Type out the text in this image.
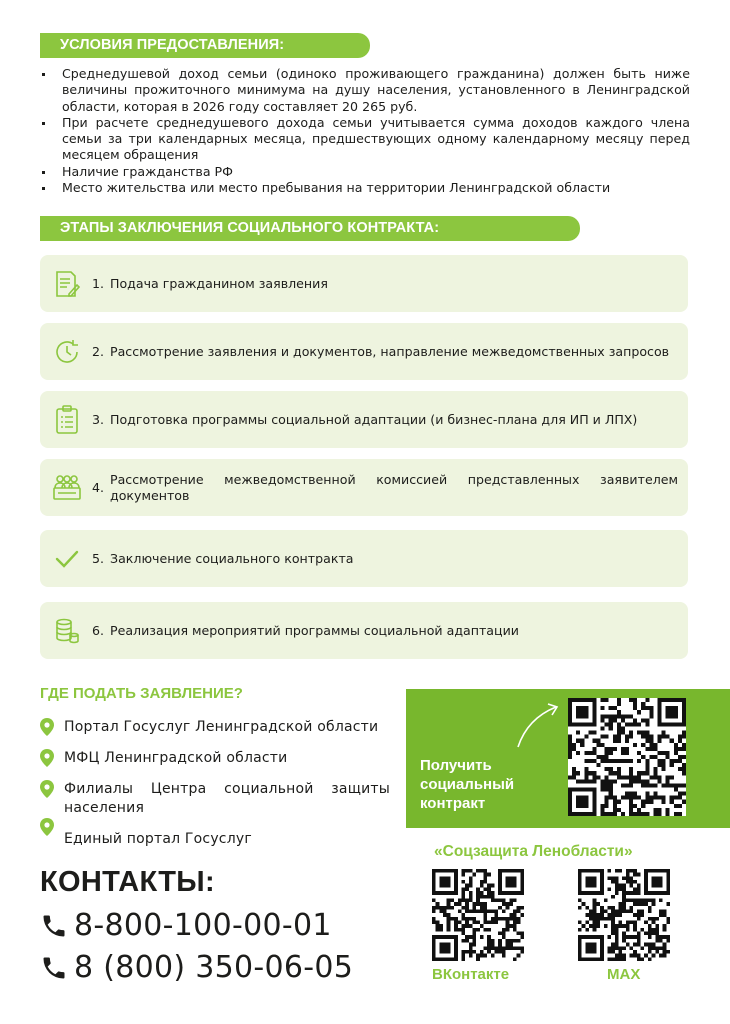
УСЛОВИЯ ПРЕДОСТАВЛЕНИЯ:
Среднедушевой доход семьи (одиноко проживающего гражданина) должен быть ниже величины прожиточного минимума на душу населения, установленного в Ленинградской области, которая в 2026 году составляет 20 265 руб.
При расчете среднедушевого дохода семьи учитывается сумма доходов каждого члена семьи за три календарных месяца, предшествующих одному календарному месяцу перед месяцем обращения
Наличие гражданства РФ
Место жительства или место пребывания на территории Ленинградской области
ЭТАПЫ ЗАКЛЮЧЕНИЯ СОЦИАЛЬНОГО КОНТРАКТА:
1. Подача гражданином заявления
2. Рассмотрение заявления и документов, направление межведомственных запросов
3. Подготовка программы социальной адаптации (и бизнес-плана для ИП и ЛПХ)
4.
Рассмотрение межведомственной комиссией представленных заявителем документов
5. Заключение социального контракта
6. Реализация мероприятий программы социальной адаптации
ГДЕ ПОДАТЬ ЗАЯВЛЕНИЕ?
Портал Госуслуг Ленинградской области
МФЦ Ленинградской области
Филиалы Центра социальной защиты населения
Единый портал Госуслуг
Получить
социальный
контракт
КОНТАКТЫ:
8-800-100-00-01
8 (800) 350-06-05
«Соцзащита Ленобласти»
ВКонтакте	MAX
